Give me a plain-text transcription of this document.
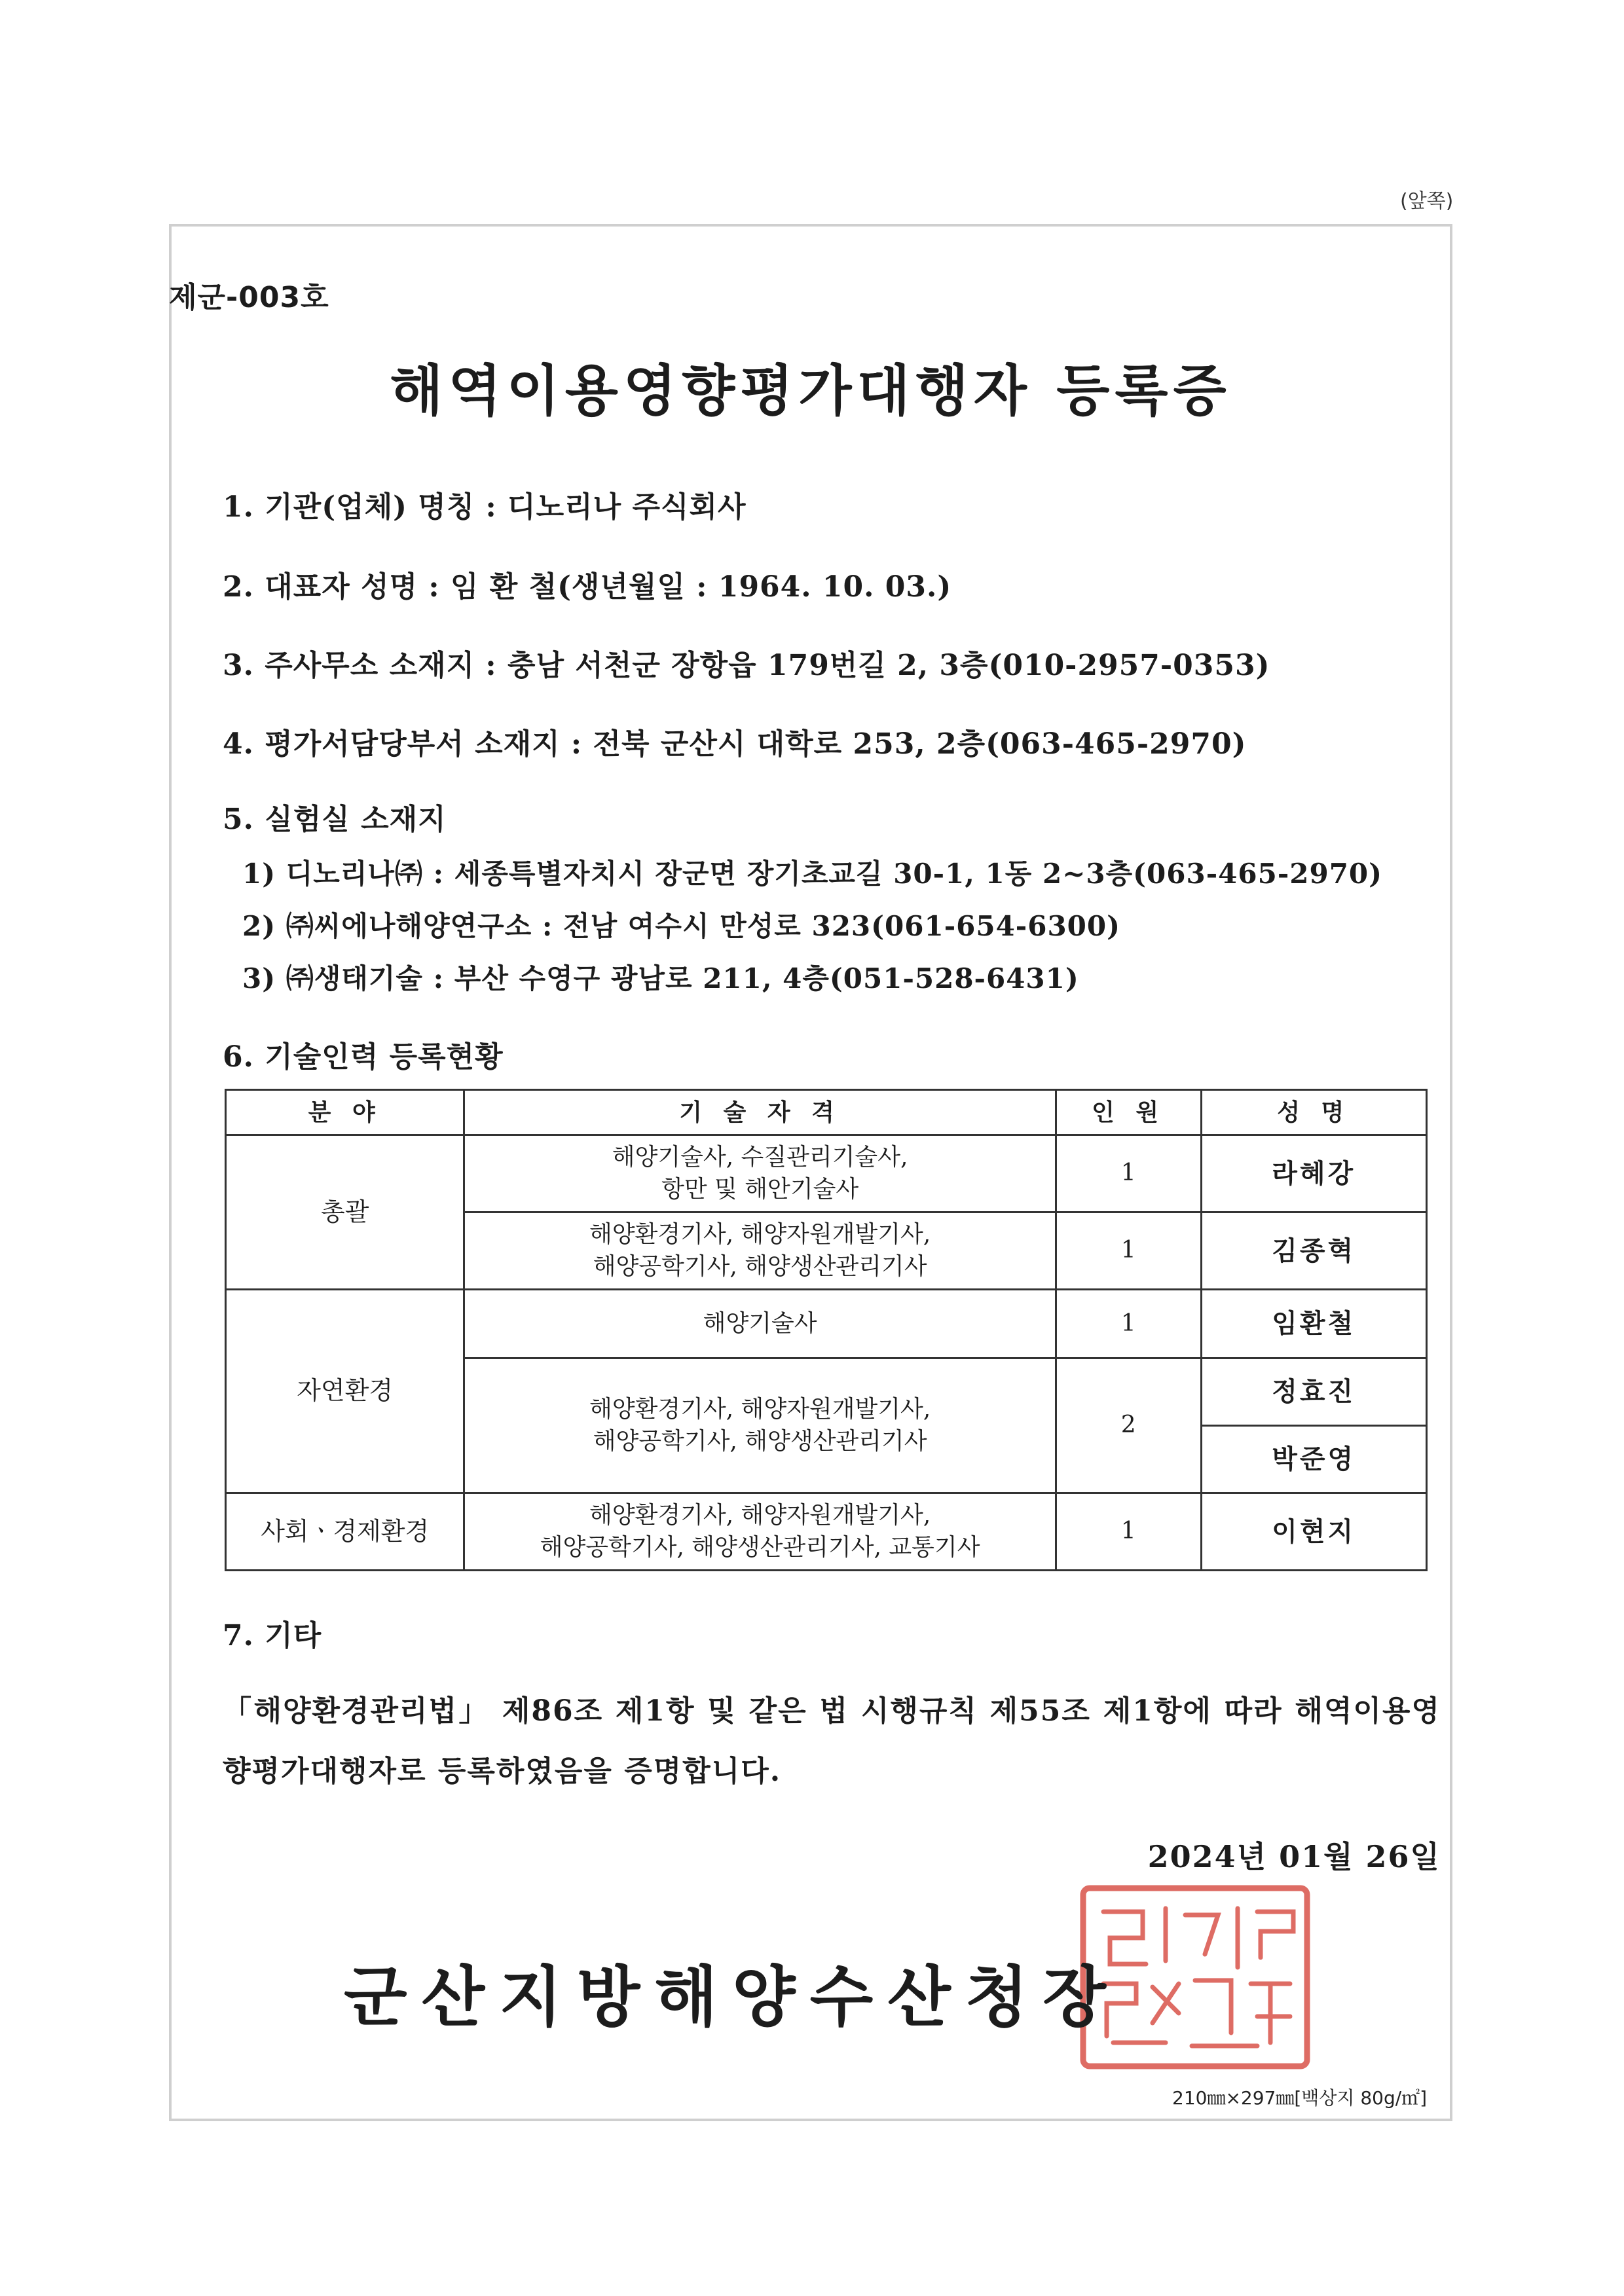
(앞쪽)
제군-003호
해역이용영향평가대행자 등록증
1. 기관(업체) 명칭 : 디노리나 주식회사
2. 대표자 성명 : 임 환 철(생년월일 : 1964. 10. 03.)
3. 주사무소 소재지 : 충남 서천군 장항읍 179번길 2, 3층(010-2957-0353)
4. 평가서담당부서 소재지 : 전북 군산시 대학로 253, 2층(063-465-2970)
5. 실험실 소재지
1) 디노리나㈜ : 세종특별자치시 장군면 장기초교길 30-1, 1동 2~3층(063-465-2970)
2) ㈜씨에나해양연구소 : 전남 여수시 만성로 323(061-654-6300)
3) ㈜생태기술 : 부산 수영구 광남로 211, 4층(051-528-6431)
6. 기술인력 등록현황
분 야	기 술 자 격	인 원	성 명
총괄	해양기술사, 수질관리기술사,
항만 및 해안기술사	1	라혜강

	해양환경기사, 해양자원개발기사,
해양공학기사, 해양생산관리기사	1	김종혁
자연환경	해양기술사	1	임환철

	해양환경기사, 해양자원개발기사,
해양공학기사, 해양생산관리기사	2	정효진
			박준영
사회ㆍ경제환경	해양환경기사, 해양자원개발기사,
해양공학기사, 해양생산관리기사, 교통기사	1	이현지
7. 기타
「해양환경관리법」 제86조 제1항 및 같은 법 시행규칙 제55조 제1항에 따라 해역이용영향평가대행자로 등록하였음을 증명합니다.
2024년 01월 26일
군산지방해양수산청장
210㎜×297㎜[백상지 80g/㎡]
